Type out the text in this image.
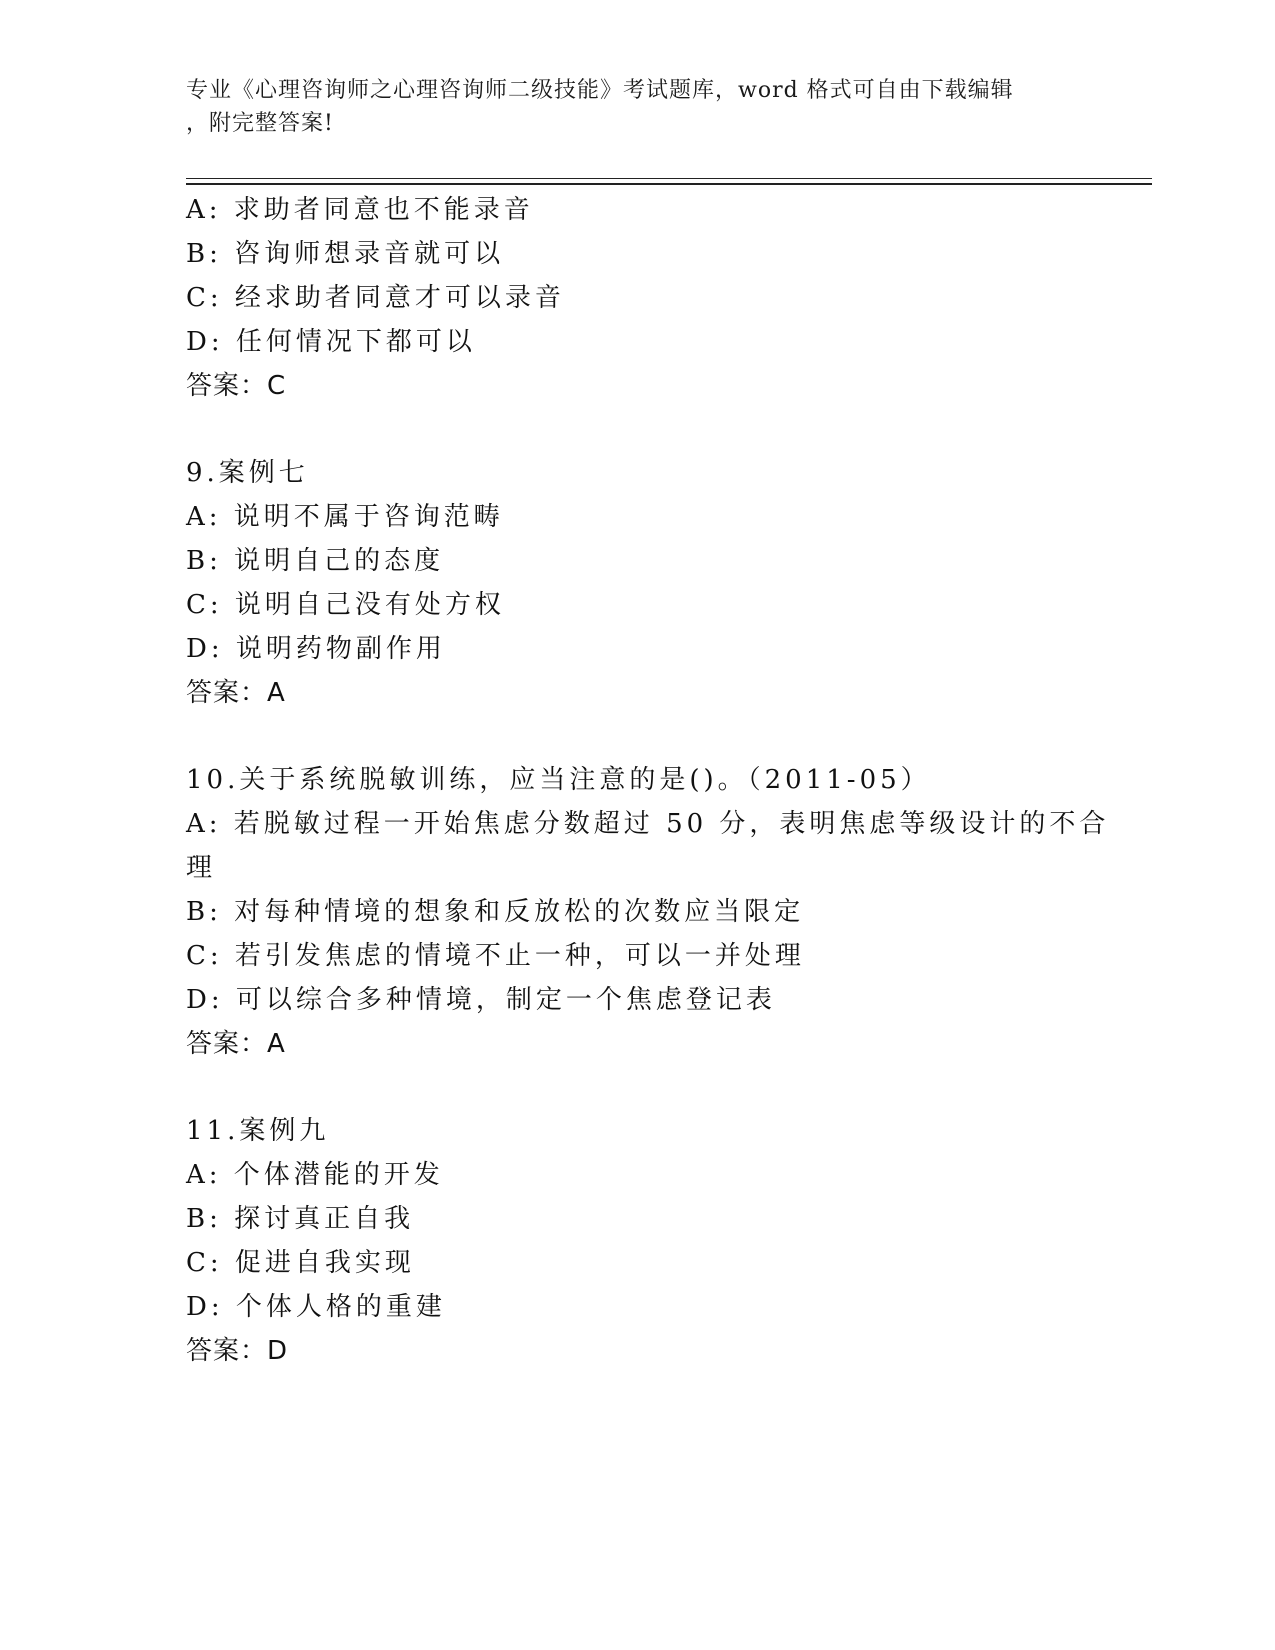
专业《心理咨询师之心理咨询师二级技能》考试题库，word 格式可自由下载编辑
，附完整答案!
A: 求助者同意也不能录音
B: 咨询师想录音就可以
C: 经求助者同意才可以录音
D: 任何情况下都可以
答案：C
9.案例七
A: 说明不属于咨询范畴
B: 说明自己的态度
C: 说明自己没有处方权
D: 说明药物副作用
答案：A
10.关于系统脱敏训练，应当注意的是()。（2011-05）
A: 若脱敏过程一开始焦虑分数超过 50 分，表明焦虑等级设计的不合
理
B: 对每种情境的想象和反放松的次数应当限定
C: 若引发焦虑的情境不止一种，可以一并处理
D: 可以综合多种情境，制定一个焦虑登记表
答案：A
11.案例九
A: 个体潜能的开发
B: 探讨真正自我
C: 促进自我实现
D: 个体人格的重建
答案：D
